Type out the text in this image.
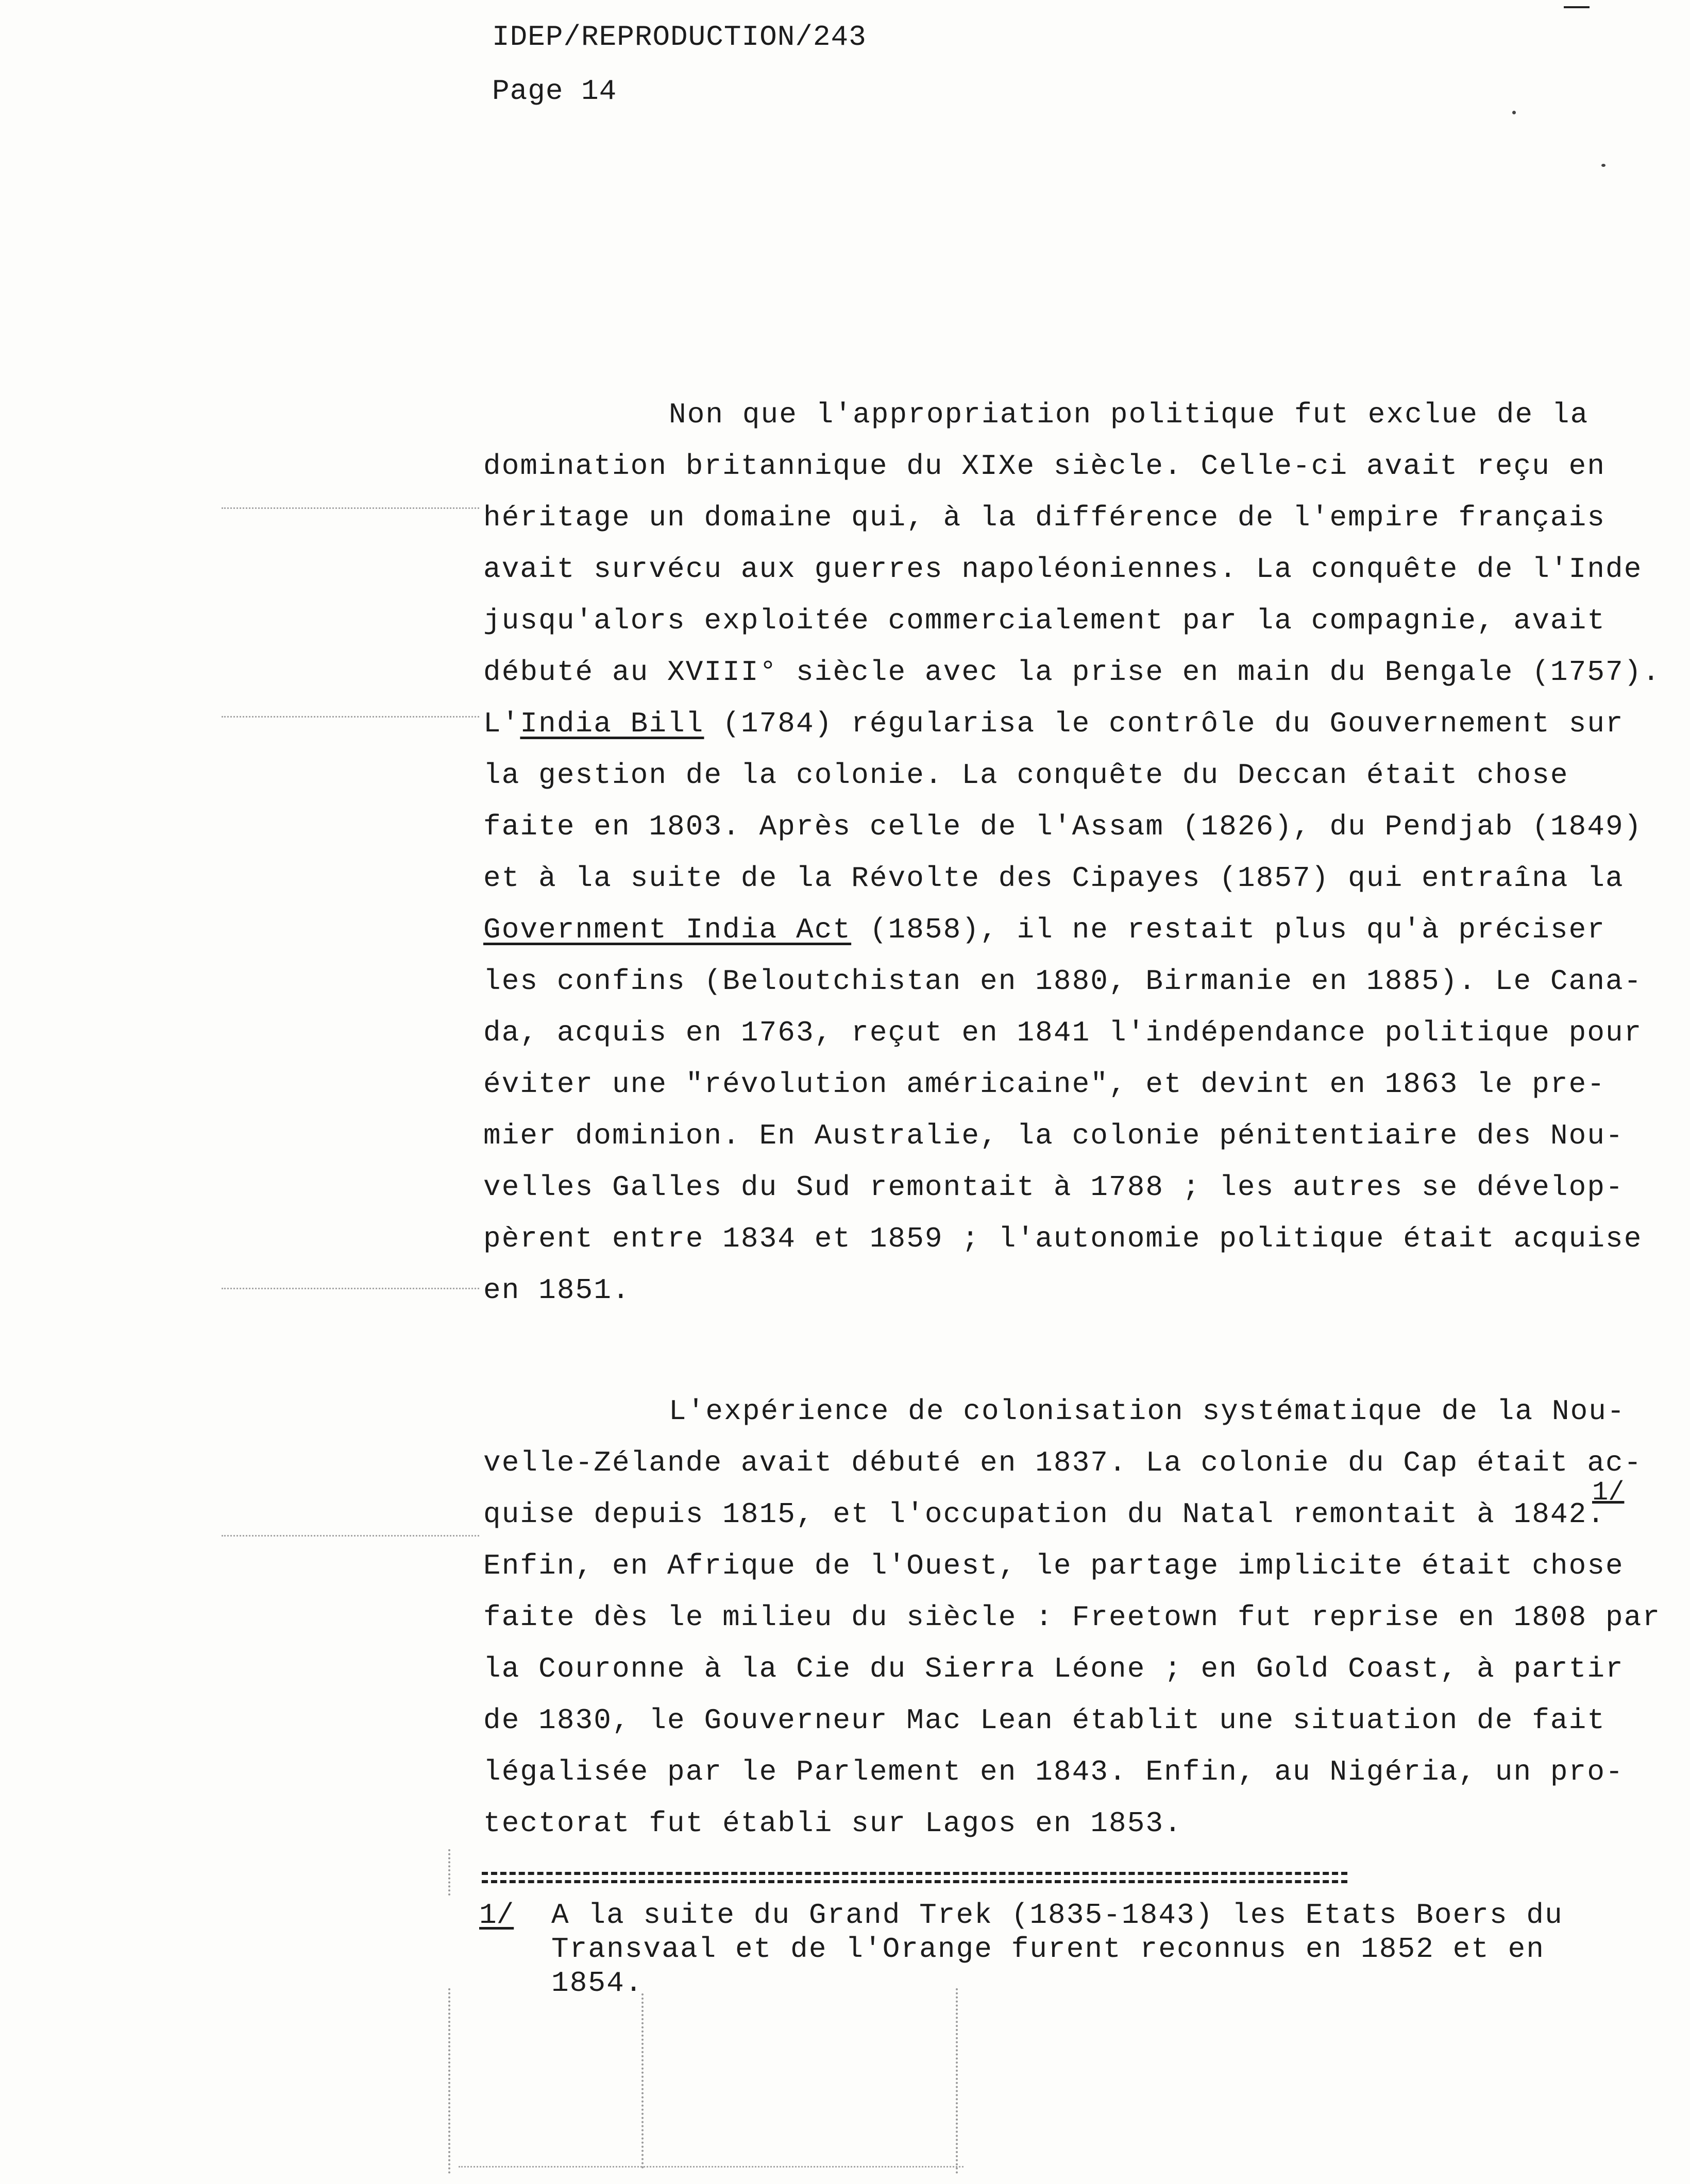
IDEP/REPRODUCTION/243
Page 14
Non que l'appropriation politique fut exclue de la
domination britannique du XIXe siècle. Celle-ci avait reçu en
héritage un domaine qui, à la différence de l'empire français
avait survécu aux guerres napoléoniennes. La conquête de l'Inde
jusqu'alors exploitée commercialement par la compagnie, avait
débuté au XVIII° siècle avec la prise en main du Bengale (1757).
L'India Bill (1784) régularisa le contrôle du Gouvernement sur
la gestion de la colonie. La conquête du Deccan était chose
faite en 1803. Après celle de l'Assam (1826), du Pendjab (1849)
et à la suite de la Révolte des Cipayes (1857) qui entraîna la
Government India Act (1858), il ne restait plus qu'à préciser
les confins (Beloutchistan en 1880, Birmanie en 1885). Le Cana-
da, acquis en 1763, reçut en 1841 l'indépendance politique pour
éviter une "révolution américaine", et devint en 1863 le pre-
mier dominion. En Australie, la colonie pénitentiaire des Nou-
velles Galles du Sud remontait à 1788 ; les autres se dévelop-
pèrent entre 1834 et 1859 ; l'autonomie politique était acquise
en 1851.
L'expérience de colonisation systématique de la Nou-
velle-Zélande avait débuté en 1837. La colonie du Cap était ac-
quise depuis 1815, et l'occupation du Natal remontait à 1842.
Enfin, en Afrique de l'Ouest, le partage implicite était chose
faite dès le milieu du siècle : Freetown fut reprise en 1808 par
la Couronne à la Cie du Sierra Léone ; en Gold Coast, à partir
de 1830, le Gouverneur Mac Lean établit une situation de fait
légalisée par le Parlement en 1843. Enfin, au Nigéria, un pro-
tectorat fut établi sur Lagos en 1853.
1/
1/ A la suite du Grand Trek (1835-1843) les Etats Boers du
Transvaal et de l'Orange furent reconnus en 1852 et en
1854.
